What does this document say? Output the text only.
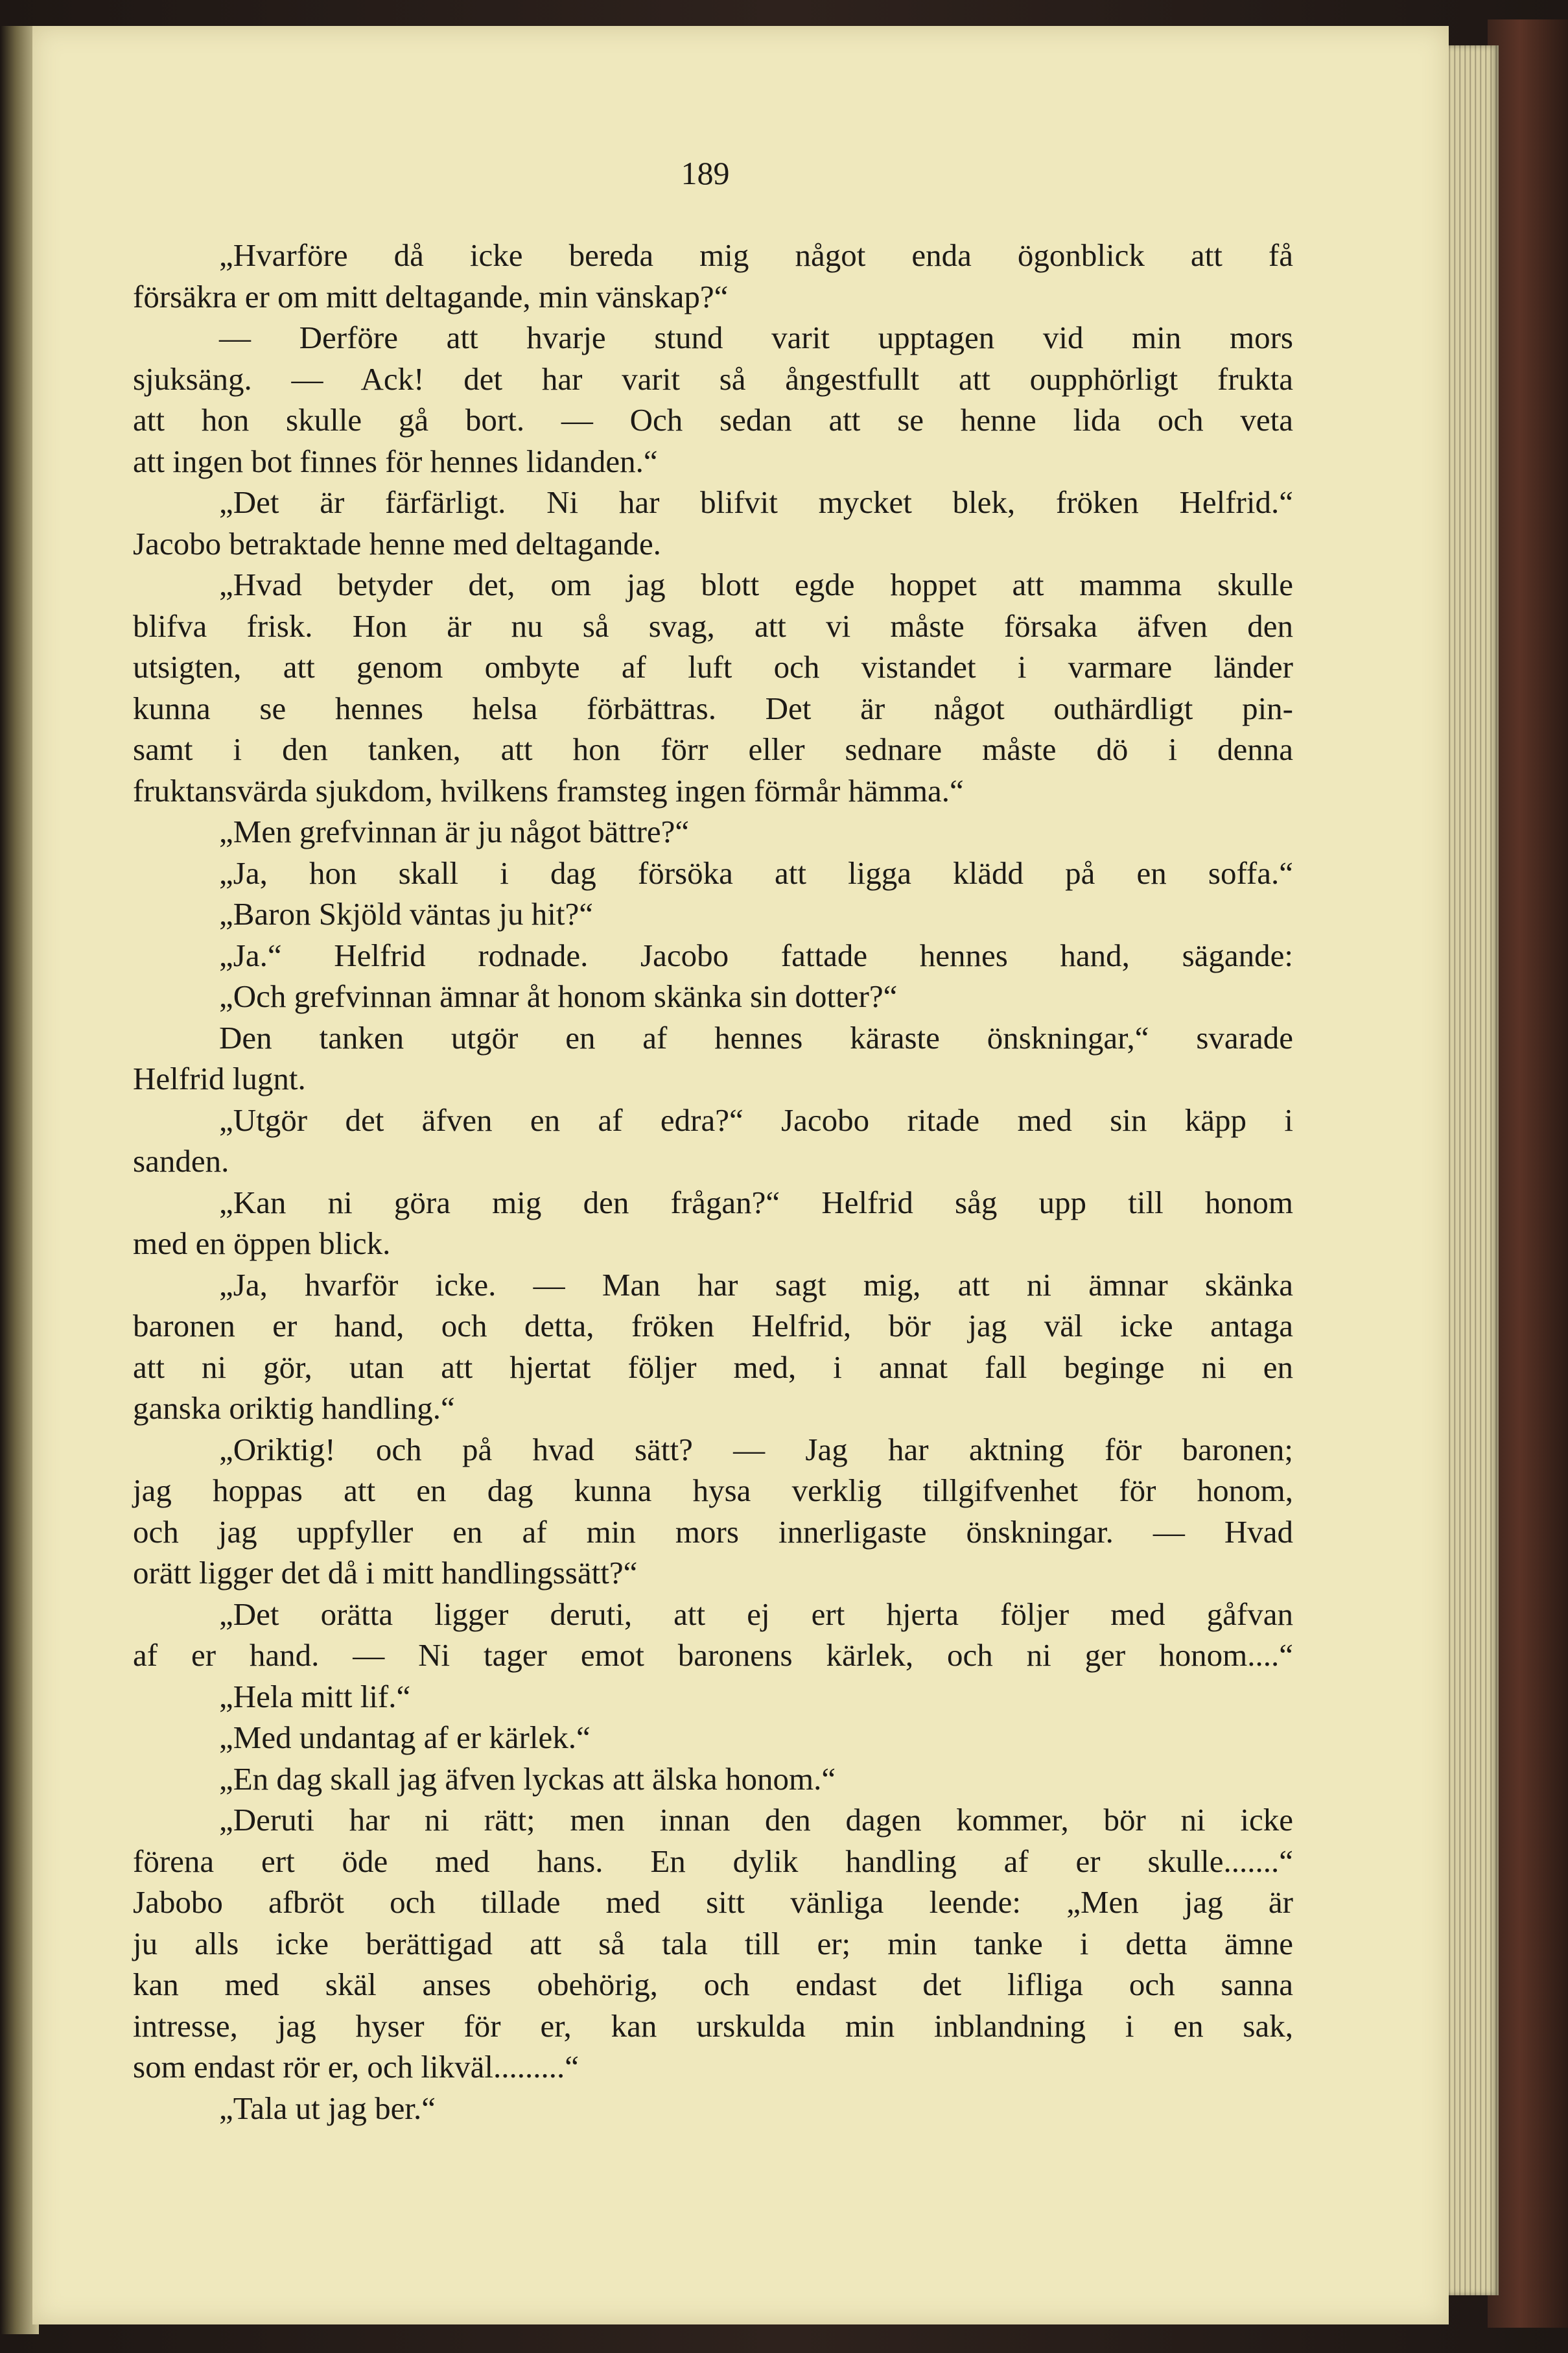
189

„Hvarföre då icke bereda mig något enda ögonblick att få
försäkra er om mitt deltagande, min vänskap?“
— Derföre att hvarje stund varit upptagen vid min mors
sjuksäng. — Ack! det har varit så ångestfullt att oupphörligt frukta
att hon skulle gå bort. — Och sedan att se henne lida och veta
att ingen bot finnes för hennes lidanden.“
„Det är färfärligt. Ni har blifvit mycket blek, fröken Helfrid.“
Jacobo betraktade henne med deltagande.
„Hvad betyder det, om jag blott egde hoppet att mamma skulle
blifva frisk. Hon är nu så svag, att vi måste försaka äfven den
utsigten, att genom ombyte af luft och vistandet i varmare länder
kunna se hennes helsa förbättras. Det är något outhärdligt pin-
samt i den tanken, att hon förr eller sednare måste dö i denna
fruktansvärda sjukdom, hvilkens framsteg ingen förmår hämma.“
„Men grefvinnan är ju något bättre?“
„Ja, hon skall i dag försöka att ligga klädd på en soffa.“
„Baron Skjöld väntas ju hit?“
„Ja.“ Helfrid rodnade. Jacobo fattade hennes hand, sägande:
„Och grefvinnan ämnar åt honom skänka sin dotter?“
Den tanken utgör en af hennes käraste önskningar,“ svarade
Helfrid lugnt.
„Utgör det äfven en af edra?“ Jacobo ritade med sin käpp i
sanden.
„Kan ni göra mig den frågan?“ Helfrid såg upp till honom
med en öppen blick.
„Ja, hvarför icke. — Man har sagt mig, att ni ämnar skänka
baronen er hand, och detta, fröken Helfrid, bör jag väl icke antaga
att ni gör, utan att hjertat följer med, i annat fall beginge ni en
ganska oriktig handling.“
„Oriktig! och på hvad sätt? — Jag har aktning för baronen;
jag hoppas att en dag kunna hysa verklig tillgifvenhet för honom,
och jag uppfyller en af min mors innerligaste önskningar. — Hvad
orätt ligger det då i mitt handlingssätt?“
„Det orätta ligger deruti, att ej ert hjerta följer med gåfvan
af er hand. — Ni tager emot baronens kärlek, och ni ger honom....“
„Hela mitt lif.“
„Med undantag af er kärlek.“
„En dag skall jag äfven lyckas att älska honom.“
„Deruti har ni rätt; men innan den dagen kommer, bör ni icke
förena ert öde med hans. En dylik handling af er skulle.......“
Jabobo afbröt och tillade med sitt vänliga leende: „Men jag är
ju alls icke berättigad att så tala till er; min tanke i detta ämne
kan med skäl anses obehörig, och endast det lifliga och sanna
intresse, jag hyser för er, kan urskulda min inblandning i en sak,
som endast rör er, och likväl.........“
„Tala ut jag ber.“
